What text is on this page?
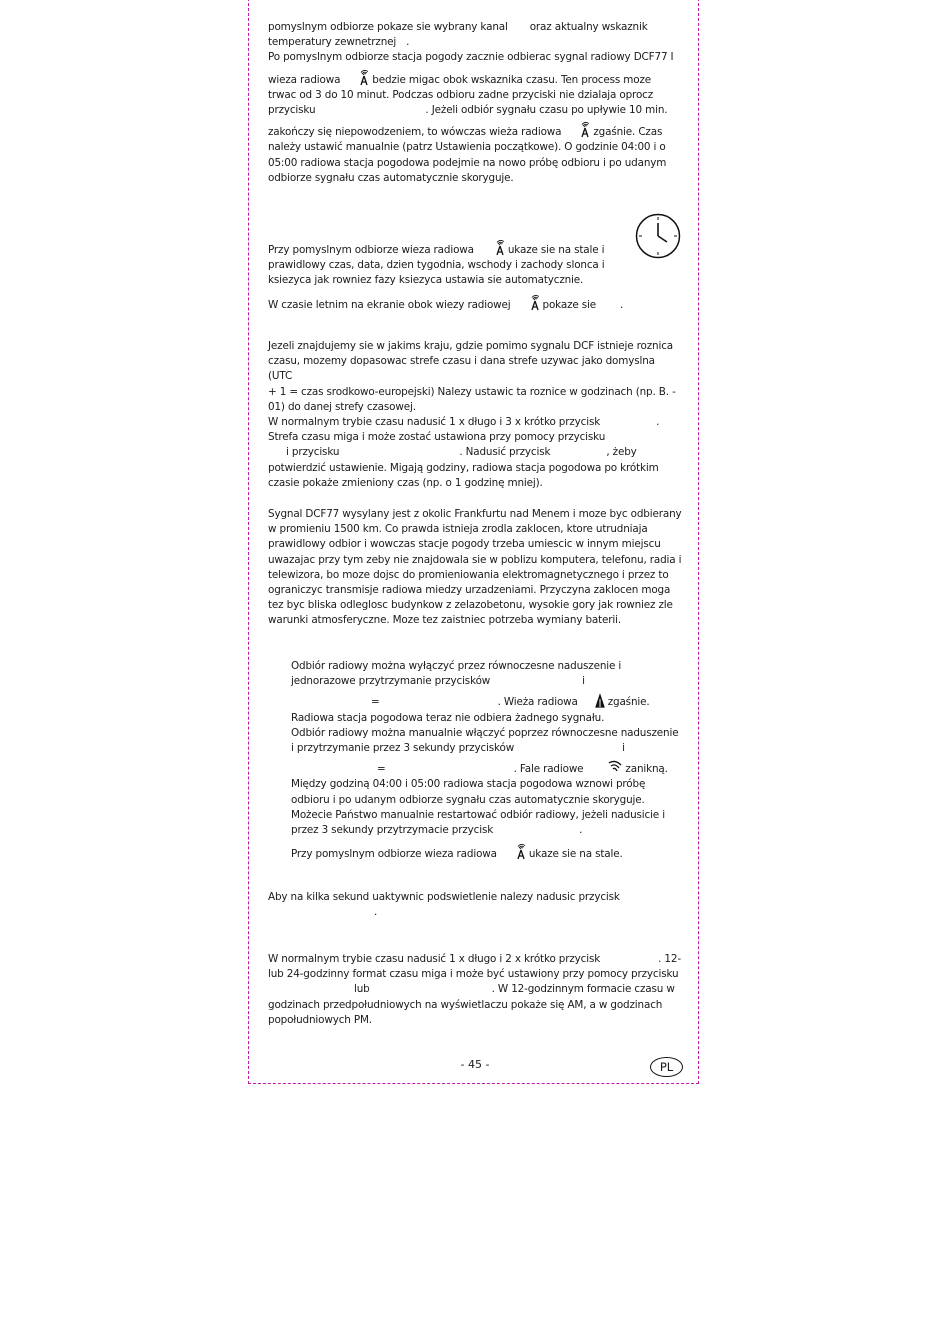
pomyslnym odbiorze pokaze sie wybrany kanal oraz aktualny wskaznik

temperatury zewnetrznej .

Po pomyslnym odbiorze stacja pogody zacznie odbierac sygnal radiowy DCF77 I

wieza radiowa	bedzie migac obok wskaznika czasu. Ten process moze

trwac od 3 do 10 minut. Podczas odbioru zadne przyciski nie dzialaja oprocz

przycisku	. Jeżeli odbiór sygnału czasu po upływie 10 min.

zakończy się niepowodzeniem, to wówczas wieża radiowa	zgaśnie. Czas

należy ustawić manualnie (patrz Ustawienia początkowe). O godzinie 04:00 i o

05:00 radiowa stacja pogodowa podejmie na nowo próbę odbioru i po udanym

odbiorze sygnału czas automatycznie skoryguje.

Przy pomyslnym odbiorze wieza radiowa	ukaze sie na stale i

prawidlowy czas, data, dzien tygodnia, wschody i zachody slonca i

ksiezyca jak rowniez fazy ksiezyca ustawia sie automatycznie.

W czasie letnim na ekranie obok wiezy radiowej	pokaze sie .

Jezeli znajdujemy sie w jakims kraju, gdzie pomimo sygnalu DCF istnieje roznica

czasu, mozemy dopasowac strefe czasu i dana strefe uzywac jako domyslna (UTC

+ 1 = czas srodkowo-europejski) Nalezy ustawic ta roznice w godzinach (np. B. -

01) do danej strefy czasowej.

W normalnym trybie czasu nadusić 1 x długo i 3 x krótko przycisk	.

Strefa czasu miga i może zostać ustawiona przy pomocy przycisku

i przycisku	. Nadusić przycisk	, żeby

potwierdzić ustawienie. Migają godziny, radiowa stacja pogodowa po krótkim

czasie pokaże zmieniony czas (np. o 1 godzinę mniej).

Sygnal DCF77 wysylany jest z okolic Frankfurtu nad Menem i moze byc odbierany

w promieniu 1500 km. Co prawda istnieja zrodla zaklocen, ktore utrudniaja

prawidlowy odbior i wowczas stacje pogody trzeba umiescic w innym miejscu

uwazajac przy tym zeby nie znajdowala sie w poblizu komputera, telefonu, radia i

telewizora, bo moze dojsc do promieniowania elektromagnetycznego i przez to

ograniczyc transmisje radiowa miedzy urzadzeniami. Przyczyna zaklocen moga

tez byc bliska odleglosc budynkow z zelazobetonu, wysokie gory jak rowniez zle

warunki atmosferyczne. Moze tez zaistniec potrzeba wymiany baterii.

Odbiór radiowy można wyłączyć przez równoczesne naduszenie i

jednorazowe przytrzymanie przycisków	i

=	. Wieża radiowa	zgaśnie.

Radiowa stacja pogodowa teraz nie odbiera żadnego sygnału.

Odbiór radiowy można manualnie włączyć poprzez równoczesne naduszenie

i przytrzymanie przez 3 sekundy przycisków	i

=	. Fale radiowe	zanikną.

Między godziną 04:00 i 05:00 radiowa stacja pogodowa wznowi próbę

odbioru i po udanym odbiorze sygnału czas automatycznie skoryguje.

Możecie Państwo manualnie restartować odbiór radiowy, jeżeli nadusicie i

przez 3 sekundy przytrzymacie przycisk	.

Przy pomyslnym odbiorze wieza radiowa	ukaze sie na stale.

Aby na kilka sekund uaktywnic podswietlenie nalezy nadusic przycisk

.

W normalnym trybie czasu nadusić 1 x długo i 2 x krótko przycisk	. 12-

lub 24-godzinny format czasu miga i może być ustawiony przy pomocy przycisku

lub	. W 12-godzinnym formacie czasu w

godzinach przedpołudniowych na wyświetlaczu pokaże się AM, a w godzinach

popołudniowych PM.

- 45 -	PL
